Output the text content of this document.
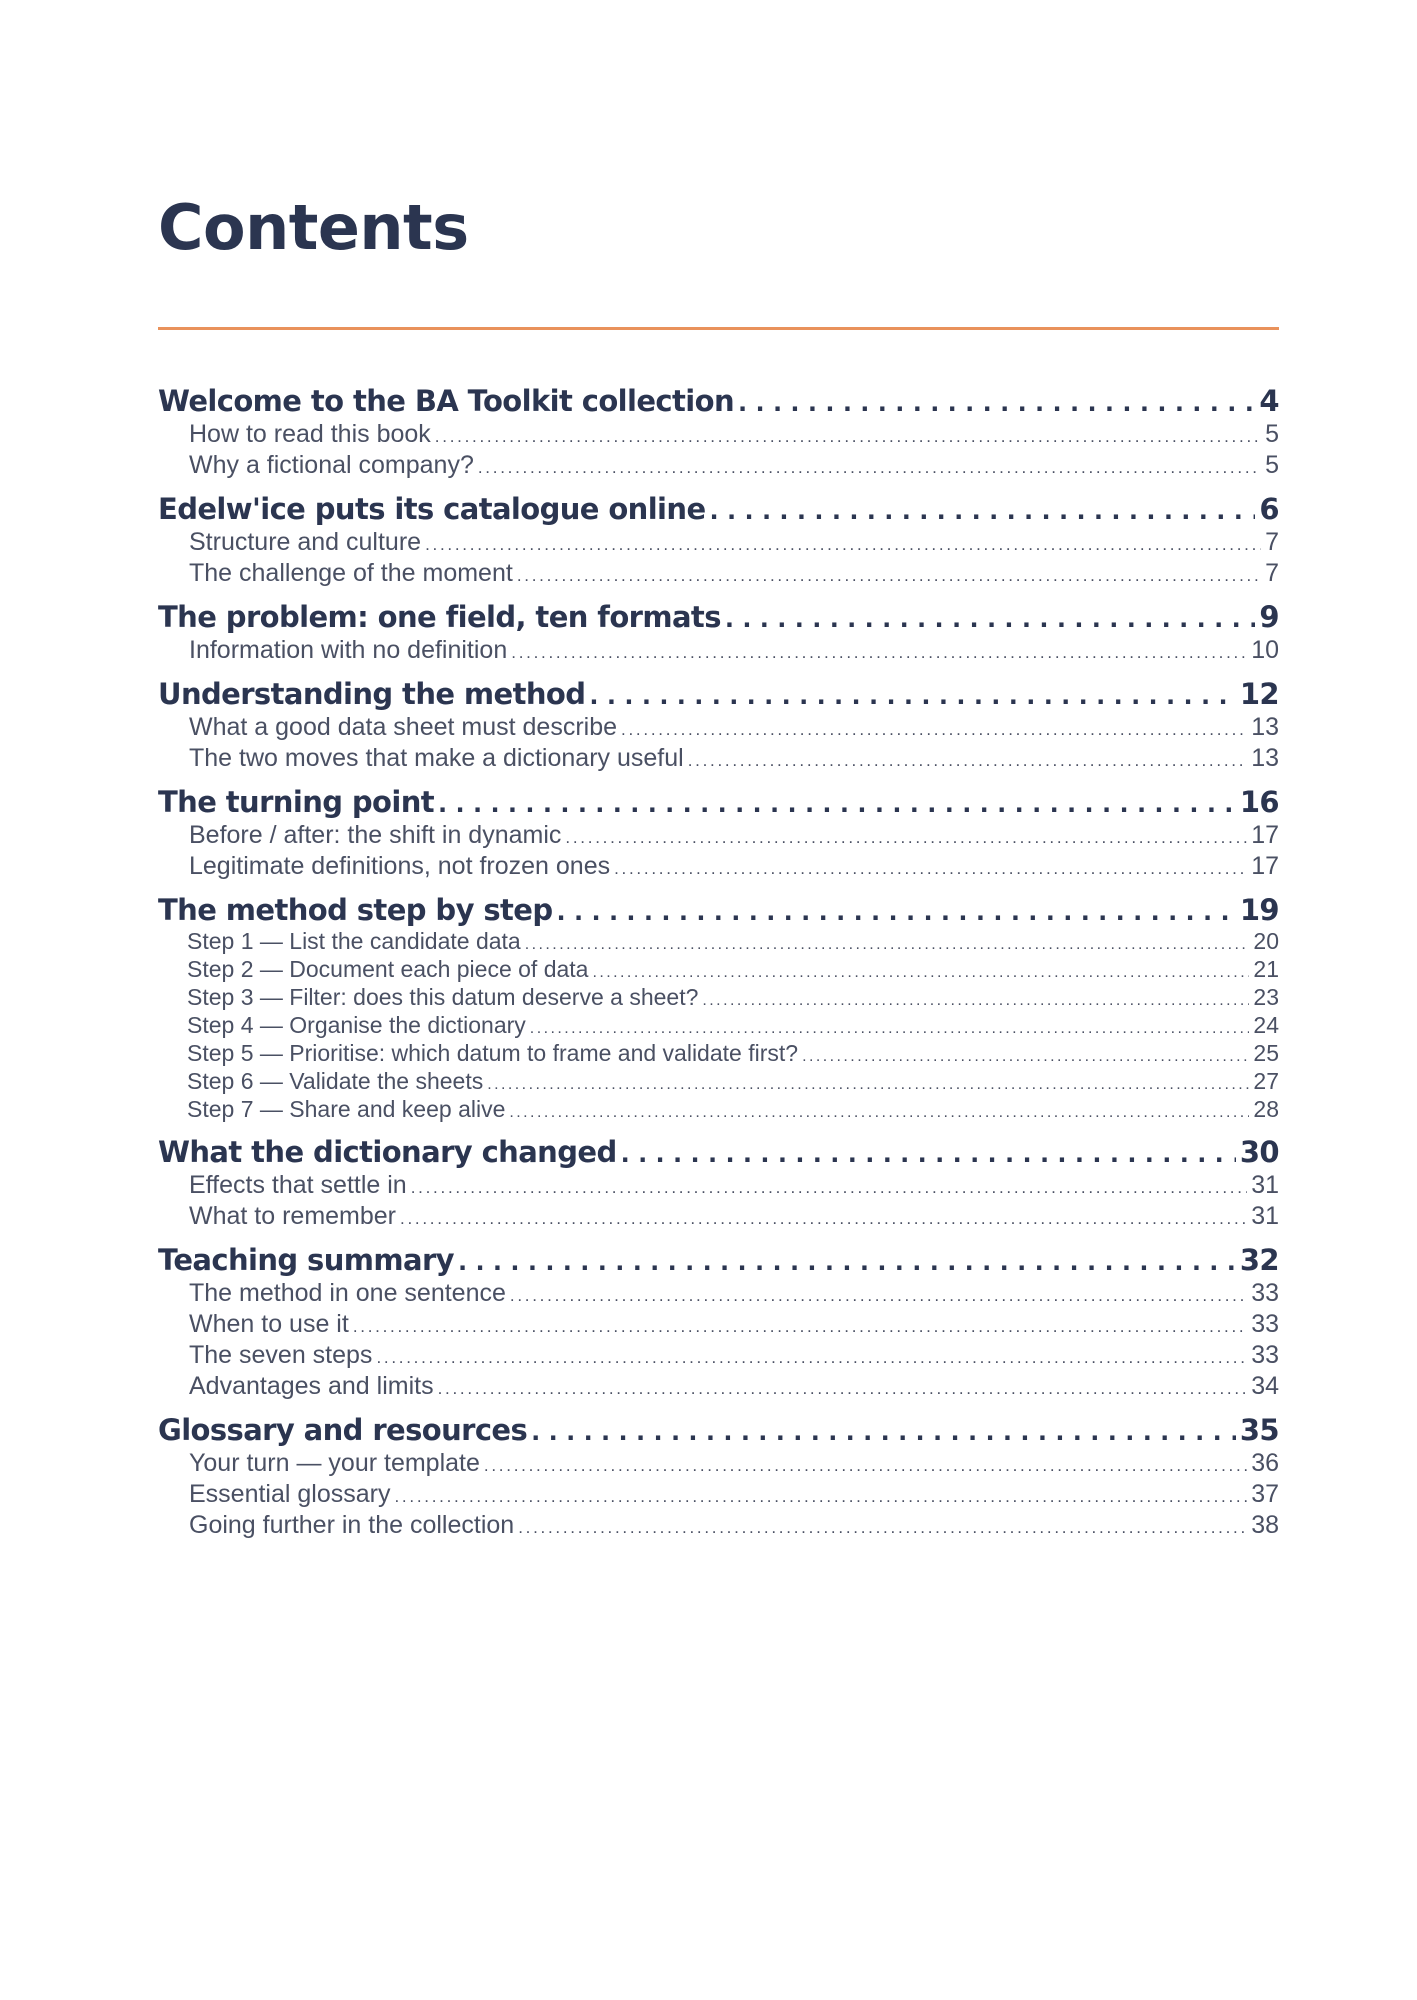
Contents
Welcome to the BA Toolkit collection . . .	4
How to read this book . . .	5
Why a fictional company? . . .	5
Edelw'ice puts its catalogue online . . .	6
Structure and culture . . .	7
The challenge of the moment . . .	7
The problem: one field, ten formats . . .	9
Information with no definition . . .	10
Understanding the method . . .	12
What a good data sheet must describe . . .	13
The two moves that make a dictionary useful . . .	13
The turning point . . .	16
Before / after: the shift in dynamic . . .	17
Legitimate definitions, not frozen ones . . .	17
The method step by step . . .	19
Step 1 — List the candidate data . . .	20
Step 2 — Document each piece of data . . .	21
Step 3 — Filter: does this datum deserve a sheet? . . .	23
Step 4 — Organise the dictionary . . .	24
Step 5 — Prioritise: which datum to frame and validate first? . . .	25
Step 6 — Validate the sheets . . .	27
Step 7 — Share and keep alive . . .	28
What the dictionary changed . . .	30
Effects that settle in . . .	31
What to remember . . .	31
Teaching summary . . .	32
The method in one sentence . . .	33
When to use it . . .	33
The seven steps . . .	33
Advantages and limits . . .	34
Glossary and resources . . .	35
Your turn — your template . . .	36
Essential glossary . . .	37
Going further in the collection . . .	38
